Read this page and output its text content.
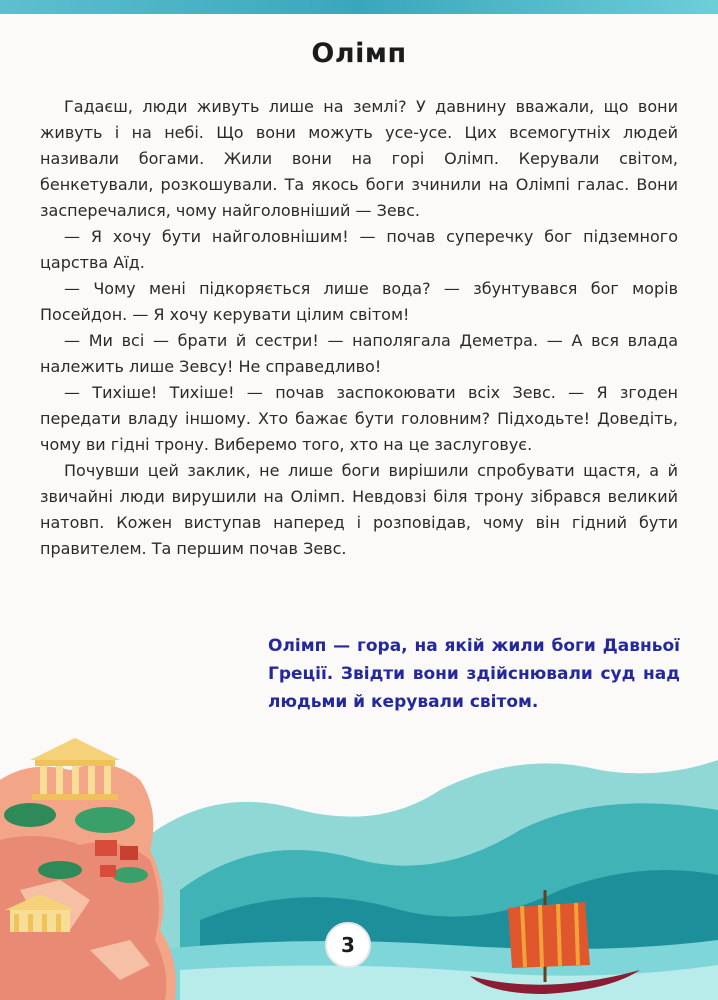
Олімп

Гадаєш, люди живуть лише на землі? У давнину вважали, що вони живуть і на небі. Що вони можуть усе-усе. Цих всемогутніх людей називали богами. Жили вони на горі Олімп. Керували світом, бенкетували, розкошували. Та якось боги зчинили на Олімпі галас. Вони засперечалися, чому найголовніший — Зевс.

— Я хочу бути найголовнішим! — почав суперечку бог підземного царства Аїд.

— Чому мені підкоряється лише вода? — збунтувався бог морів Посейдон. — Я хочу керувати цілим світом!

— Ми всі — брати й сестри! — наполягала Деметра. — А вся влада належить лише Зевсу! Не справедливо!

— Тихіше! Тихіше! — почав заспокоювати всіх Зевс. — Я згоден передати владу іншому. Хто бажає бути головним? Підходьте! Доведіть, чому ви гідні трону. Виберемо того, хто на це заслуговує.

Почувши цей заклик, не лише боги вирішили спробувати щастя, а й звичайні люди вирушили на Олімп. Невдовзі біля трону зібрався великий натовп. Кожен виступав наперед і розповідав, чому він гідний бути правителем. Та першим почав Зевс.

Олімп — гора, на якій жили боги Давньої Греції. Звідти вони здійснювали суд над людьми й керували світом.
3
